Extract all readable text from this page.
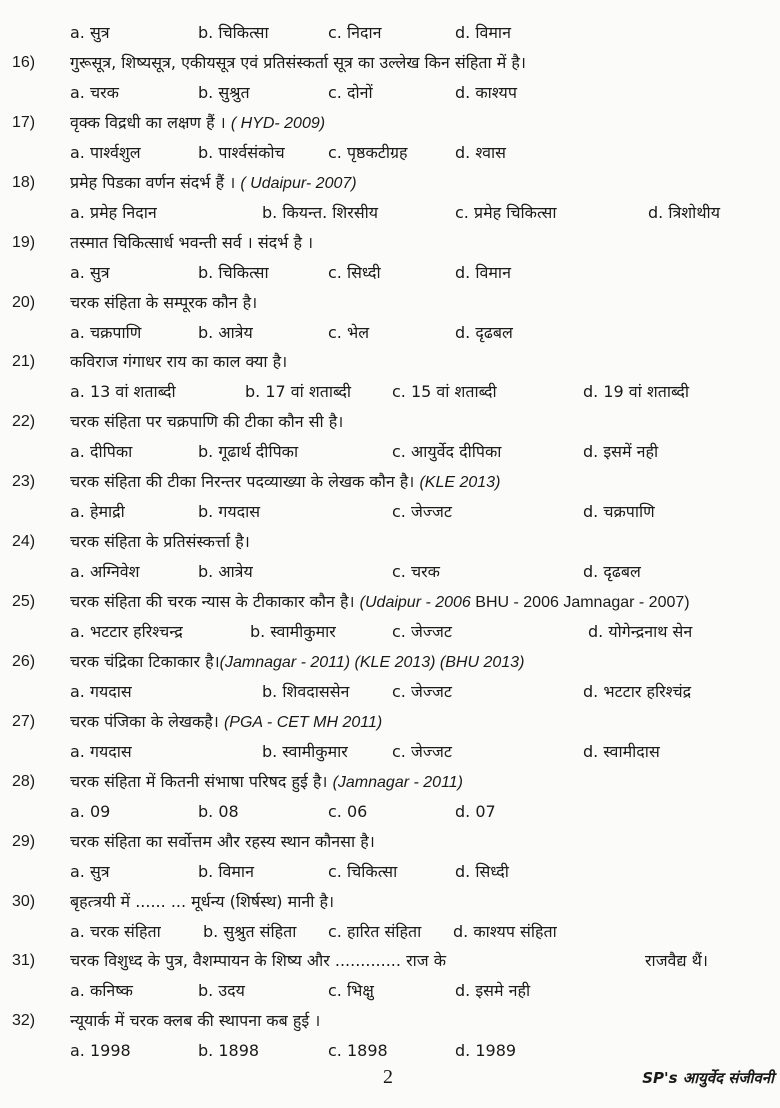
a. सुत्र	b. चिकित्सा	c. निदान	d. विमान
16) गुरूसूत्र, शिष्यसूत्र, एकीयसूत्र एवं प्रतिसंस्कर्ता सूत्र का उल्लेख किन संहिता में है।
a. चरक	b. सुश्रुत	c. दोनों	d. काश्यप
17) वृक्क विद्रधी का लक्षण हैं । ( HYD- 2009)
a. पार्श्वशुल	b. पार्श्वसंकोच	c. पृष्ठकटीग्रह	d. श्वास
18) प्रमेह पिडका वर्णन संदर्भ हैं । ( Udaipur- 2007)
a. प्रमेह निदान	b. कियन्त. शिरसीय	c. प्रमेह चिकित्सा	d. त्रिशोथीय
19) तस्मात चिकित्सार्ध भवन्ती सर्व । संदर्भ है ।
a. सुत्र	b. चिकित्सा	c. सिध्दी	d. विमान
20) चरक संहिता के सम्पूरक कौन है।
a. चक्रपाणि	b. आत्रेय	c. भेल	d. दृढबल
21) कविराज गंगाधर राय का काल क्या है।
a. 13 वां शताब्दी	b. 17 वां शताब्दी	c. 15 वां शताब्दी	d. 19 वां शताब्दी
22) चरक संहिता पर चक्रपाणि की टीका कौन सी है।
a. दीपिका	b. गूढार्थ दीपिका	c. आयुर्वेद दीपिका	d. इसमें नही
23) चरक संहिता की टीका निरन्तर पदव्याख्या के लेखक कौन है। (KLE 2013)
a. हेमाद्री	b. गयदास	c. जेज्जट	d. चक्रपाणि
24) चरक संहिता के प्रतिसंस्कर्त्ता है।
a. अग्निवेश	b. आत्रेय	c. चरक	d. दृढबल
25) चरक संहिता की चरक न्यास के टीकाकार कौन है। (Udaipur - 2006 BHU - 2006 Jamnagar - 2007)
a. भटटार हरिश्चन्द्र	b. स्वामीकुमार	c. जेज्जट	d. योगेन्द्रनाथ सेन
26) चरक चंद्रिका टिकाकार है।(Jamnagar - 2011) (KLE 2013) (BHU 2013)
a. गयदास	b. शिवदाससेन	c. जेज्जट	d. भटटार हरिश्चंद्र
27) चरक पंजिका के लेखकहै। (PGA - CET MH 2011)
a. गयदास	b. स्वामीकुमार	c. जेज्जट	d. स्वामीदास
28) चरक संहिता में कितनी संभाषा परिषद हुई है। (Jamnagar - 2011)
a. 09	b. 08	c. 06	d. 07
29) चरक संहिता का सर्वोत्तम और रहस्य स्थान कौनसा है।
a. सुत्र	b. विमान	c. चिकित्सा	d. सिध्दी
30) बृहत्त्रयी में ...... ... मूर्धन्य (शिर्षस्थ) मानी है।
a. चरक संहिता	b. सुश्रुत संहिता c. हारित संहिता d. काश्यप संहिता
31) चरक विशुध्द के पुत्र, वैशम्पायन के शिष्य और ............. राज के	राजवैद्य थैं।
a. कनिष्क	b. उदय	c. भिक्षु	d. इसमे नही
32) न्यूयार्क में चरक क्लब की स्थापना कब हुई ।
a. 1998	b. 1898	c. 1898	d. 1989
2	SP's आयुर्वेद संजीवनी
